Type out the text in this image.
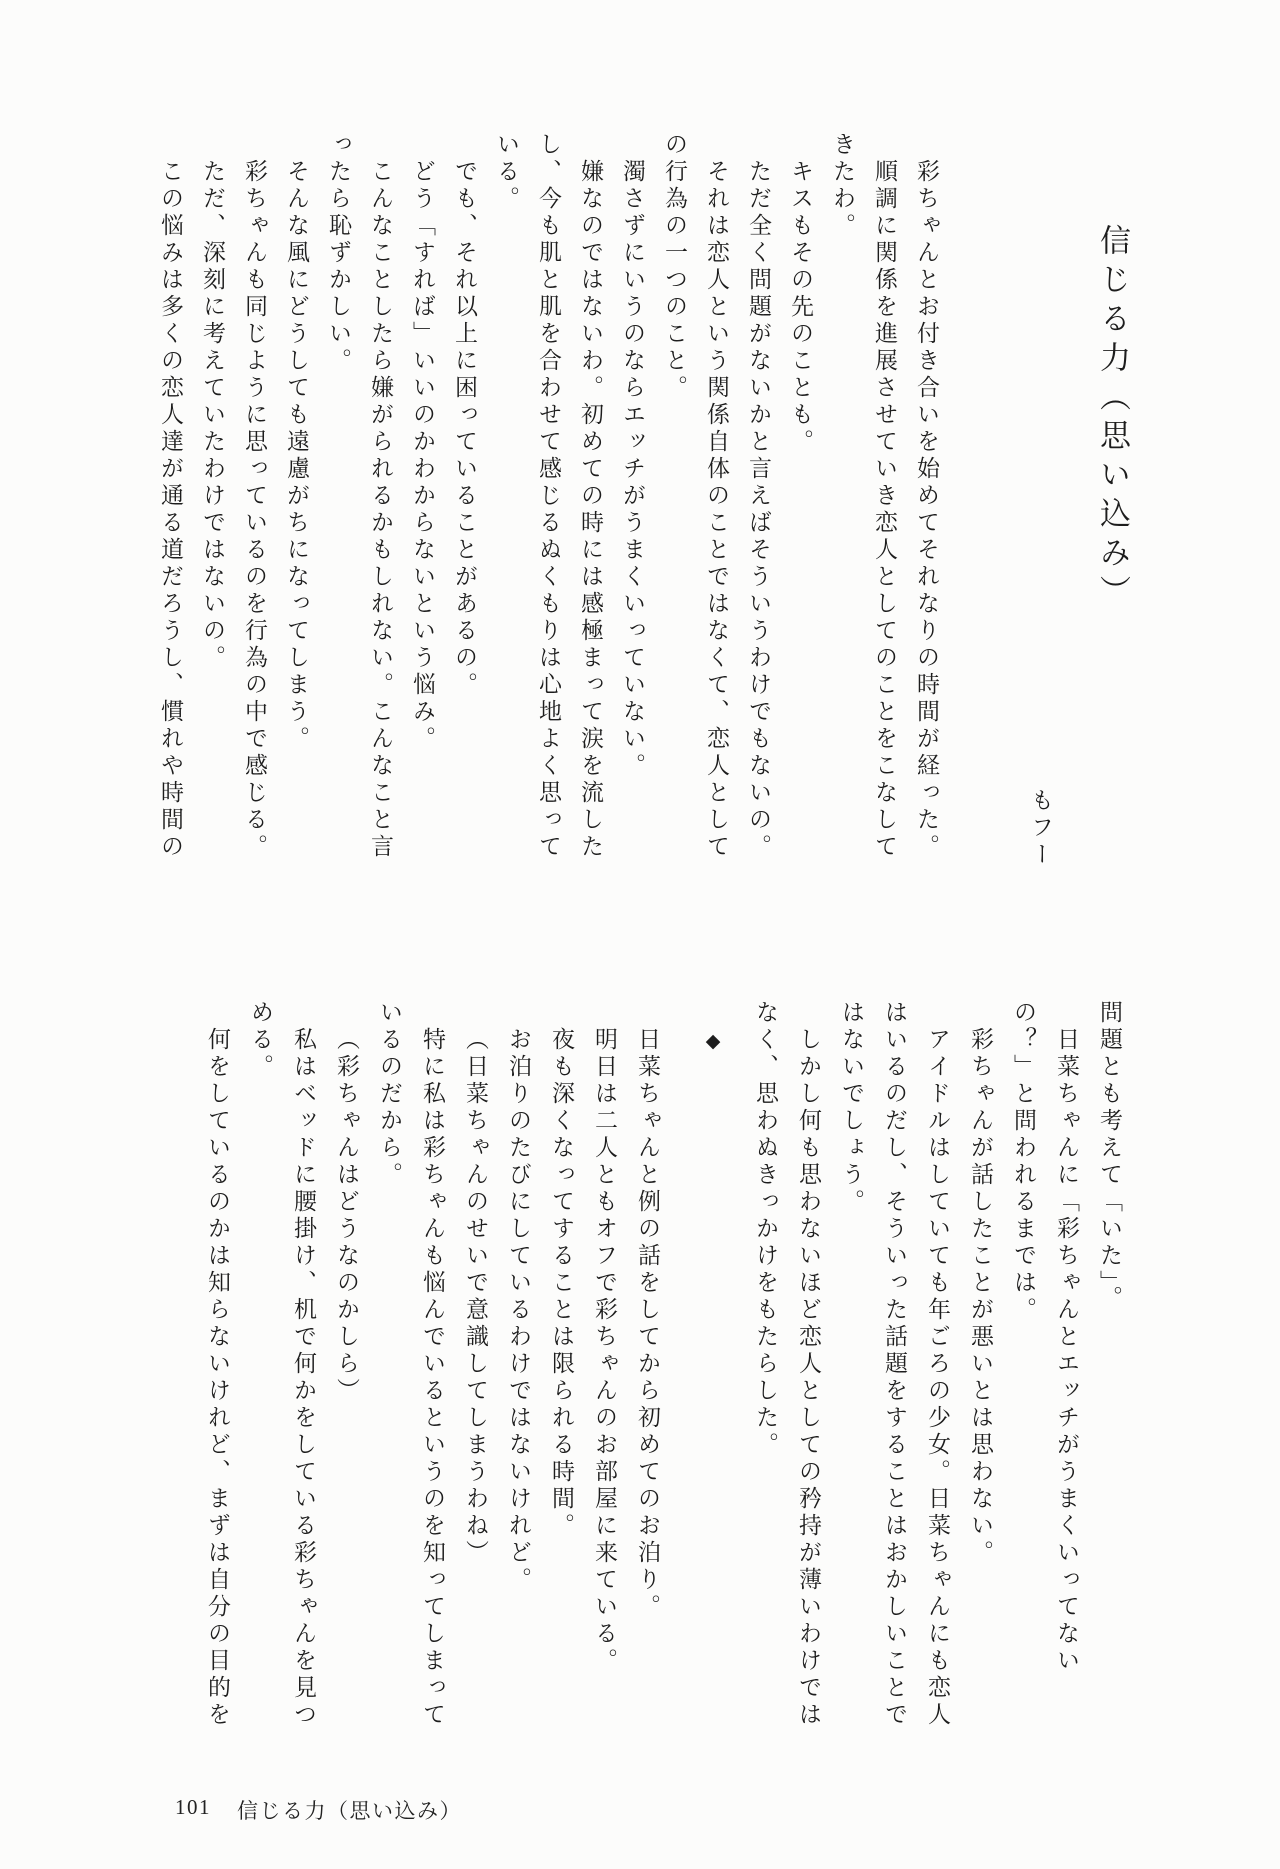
信じる力（思い込み）
もフー
彩ちゃんとお付き合いを始めてそれなりの時間が経った。
順調に関係を進展させていき恋人としてのことをこなして
きたわ。
キスもその先のことも。
ただ全く問題がないかと言えばそういうわけでもないの。
それは恋人という関係自体のことではなくて、恋人として
の行為の一つのこと。
濁さずにいうのならエッチがうまくいっていない。
嫌なのではないわ。初めての時には感極まって涙を流した
し、今も肌と肌を合わせて感じるぬくもりは心地よく思って
いる。
でも、それ以上に困っていることがあるの。
どう「すれば」いいのかわからないという悩み。
こんなことしたら嫌がられるかもしれない。こんなこと言
ったら恥ずかしい。
そんな風にどうしても遠慮がちになってしまう。
彩ちゃんも同じように思っているのを行為の中で感じる。
ただ、深刻に考えていたわけではないの。
この悩みは多くの恋人達が通る道だろうし、慣れや時間の
問題とも考えて「いた」。
日菜ちゃんに「彩ちゃんとエッチがうまくいってない
の？」と問われるまでは。
彩ちゃんが話したことが悪いとは思わない。
アイドルはしていても年ごろの少女。日菜ちゃんにも恋人
はいるのだし、そういった話題をすることはおかしいことで
はないでしょう。
しかし何も思わないほど恋人としての矜持が薄いわけでは
なく、思わぬきっかけをもたらした。
◆
日菜ちゃんと例の話をしてから初めてのお泊り。
明日は二人ともオフで彩ちゃんのお部屋に来ている。
夜も深くなってすることは限られる時間。
お泊りのたびにしているわけではないけれど。
（日菜ちゃんのせいで意識してしまうわね）
特に私は彩ちゃんも悩んでいるというのを知ってしまって
いるのだから。
（彩ちゃんはどうなのかしら）
私はベッドに腰掛け、机で何かをしている彩ちゃんを見つ
める。
何をしているのかは知らないけれど、まずは自分の目的を
101 信じる力（思い込み）
